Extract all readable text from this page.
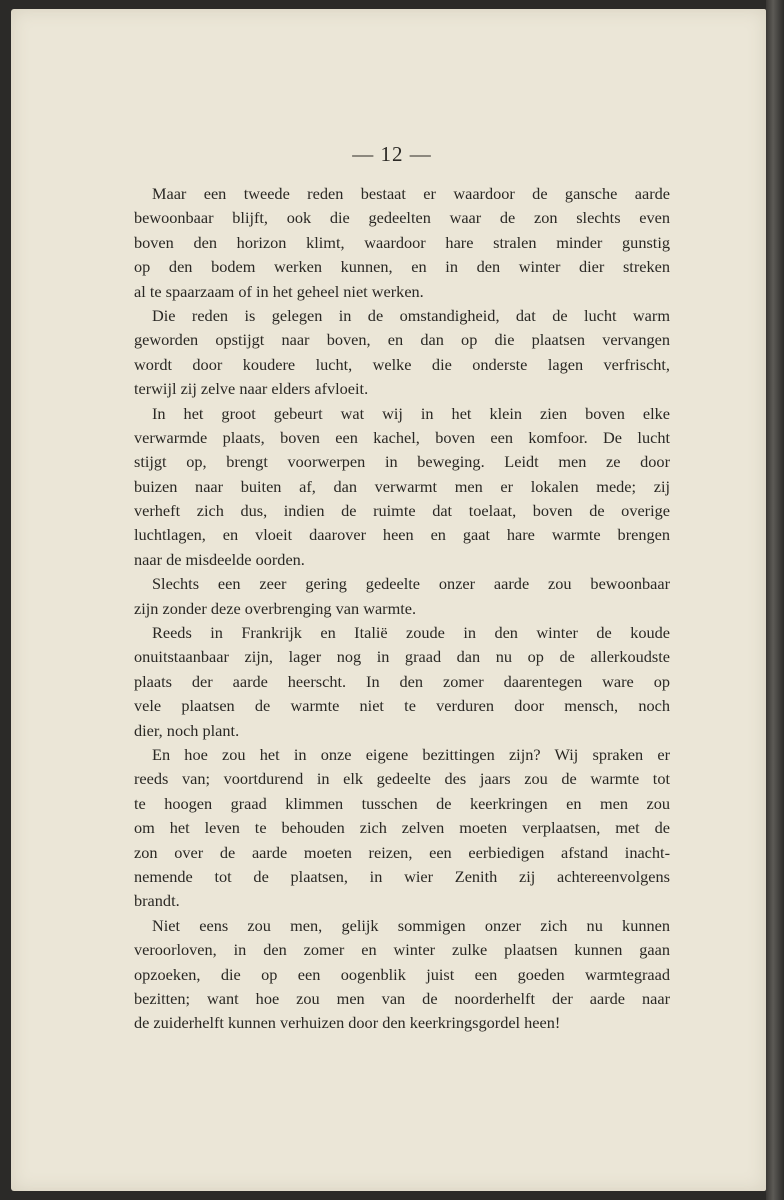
— 12 —
Maar een tweede reden bestaat er waardoor de gansche aarde
bewoonbaar blijft, ook die gedeelten waar de zon slechts even
boven den horizon klimt, waardoor hare stralen minder gunstig
op den bodem werken kunnen, en in den winter dier streken
al te spaarzaam of in het geheel niet werken.
Die reden is gelegen in de omstandigheid, dat de lucht warm
geworden opstijgt naar boven, en dan op die plaatsen vervangen
wordt door koudere lucht, welke die onderste lagen verfrischt,
terwijl zij zelve naar elders afvloeit.
In het groot gebeurt wat wij in het klein zien boven elke
verwarmde plaats, boven een kachel, boven een komfoor. De lucht
stijgt op, brengt voorwerpen in beweging. Leidt men ze door
buizen naar buiten af, dan verwarmt men er lokalen mede; zij
verheft zich dus, indien de ruimte dat toelaat, boven de overige
luchtlagen, en vloeit daarover heen en gaat hare warmte brengen
naar de misdeelde oorden.
Slechts een zeer gering gedeelte onzer aarde zou bewoonbaar
zijn zonder deze overbrenging van warmte.
Reeds in Frankrijk en Italië zoude in den winter de koude
onuitstaanbaar zijn, lager nog in graad dan nu op de allerkoudste
plaats der aarde heerscht. In den zomer daarentegen ware op
vele plaatsen de warmte niet te verduren door mensch, noch
dier, noch plant.
En hoe zou het in onze eigene bezittingen zijn? Wij spraken er
reeds van; voortdurend in elk gedeelte des jaars zou de warmte tot
te hoogen graad klimmen tusschen de keerkringen en men zou
om het leven te behouden zich zelven moeten verplaatsen, met de
zon over de aarde moeten reizen, een eerbiedigen afstand inacht-
nemende tot de plaatsen, in wier Zenith zij achtereenvolgens
brandt.
Niet eens zou men, gelijk sommigen onzer zich nu kunnen
veroorloven, in den zomer en winter zulke plaatsen kunnen gaan
opzoeken, die op een oogenblik juist een goeden warmtegraad
bezitten; want hoe zou men van de noorderhelft der aarde naar
de zuiderhelft kunnen verhuizen door den keerkringsgordel heen!
